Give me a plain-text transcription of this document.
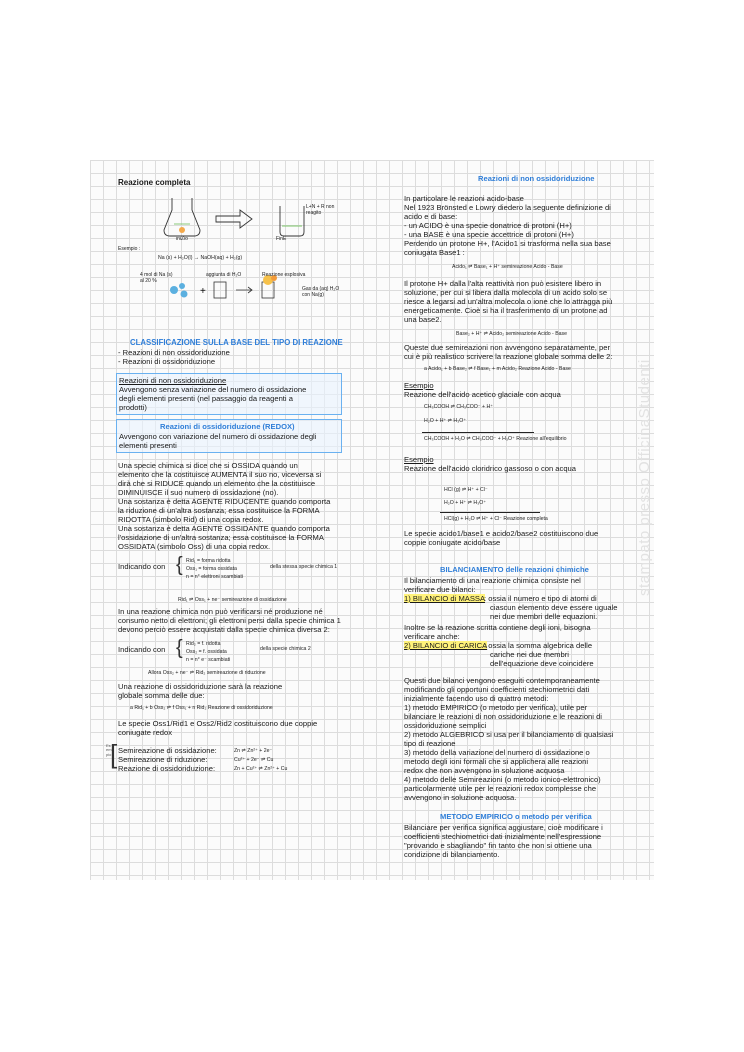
Reazione completa
iniZio	FinE
L+N + R non reagito
Esempio :
Na (s) + H₂O(l) → NaOH(aq) + H₂(g)
+
4 mol di Na (s) al 20 %
aggiunta di H₂O	Reazione esplosiva
Gas da (aq) H₂O con Na(g)
CLASSIFICAZIONE SULLA BASE DEL TIPO DI REAZIONE
- Reazioni di non ossidoriduzione
- Reazioni di ossidoriduzione
Reazioni di non ossidoriduzione
Avvengono senza variazione del numero di ossidazione
degli elementi presenti (nel passaggio da reagenti a
prodotti)
Reazioni di ossidoriduzione (REDOX)
Avvengono con variazione del numero di ossidazione degli
elementi presenti
Una specie chimica si dice che si OSSIDA quando un
elemento che la costituisce AUMENTA il suo no, viceversa si
dirà che si RIDUCE quando un elemento che la costituisce
DIMINUISCE il suo numero di ossidazione (no).
Una sostanza è detta AGENTE RIDUCENTE quando comporta
la riduzione di un'altra sostanza; essa costituisce la FORMA
RIDOTTA (simbolo Rid) di una copia redox.
Una sostanza è detta AGENTE OSSIDANTE quando comporta
l'ossidazione di un'altra sostanza; essa costituisce la FORMA
OSSIDATA (simbolo Oss) di una copia redox.
Indicando con { Rid₁ = forma ridotta
Oss₁ = forma ossidata
n = n° elettroni scambiati
della stessa specie chimica 1
Rid₁ ⇌ Oss₁ + ne⁻ semireazione di ossidazione
In una reazione chimica non può verificarsi né produzione né
consumo netto di elettroni; gli elettroni persi dalla specie chimica 1
devono perciò essere acquistati dalla specie chimica diversa 2:
Indicando con { Rid₂ = f. ridotta
Oss₂ = f. ossidata
n = n° e⁻ scambiati
della specie chimica 2
Allora Oss₂ + ne⁻ ⇌ Rid₂ semireazione di riduzione
Una reazione di ossidoriduzione sarà la reazione
globale somma delle due:
a Rid₁ + b Oss₂ ⇌ f Oss₁ + n Rid₂ Reazione di ossidoriduzione
Le specie Oss1/Rid1 e Oss2/Rid2 costituiscono due coppie
coniugate redox
Esempio
[ Semireazione di ossidazione:	Zn ⇌ Zn²⁺ + 2e⁻
Semireazione di riduzione:	Cu²⁺ + 2e⁻ ⇌ Cu
Reazione di ossidoriduzione:	Zn + Cu²⁺ ⇌ Zn²⁺ + Cu
Reazioni di non ossidoriduzione
In particolare le reazioni acido-base
Nel 1923 Brönsted e Lowry diedero la seguente definizione di
acido e di base:
- un ACIDO è una specie donatrice di protoni (H+)
- una BASE è una specie accettrice di protoni (H+)
Perdendo un protone H+, l'Acido1 si trasforma nella sua base
coniugata Base1 :
Acido₁ ⇌ Base₁ + H⁺ semireazione Acido - Base
Il protone H+ dalla l'alta reattività non può esistere libero in
soluzione, per cui si libera dalla molecola di un acido solo se
riesce a legarsi ad un'altra molecola o ione che lo attragga più
energeticamente. Cioè si ha il trasferimento di un protone ad
una base2.
Base₂ + H⁺ ⇌ Acido₂ semireazione Acido - Base
Queste due semireazioni non avvengono separatamente, per
cui è più realistico scrivere la reazione globale somma delle 2:
a Acido₁ + b Base₂ ⇌ f Base₁ + m Acido₂ Reazione Acido - Base
Esempio
Reazione dell'acido acetico glaciale con acqua
CH₃COOH ⇌ CH₃COO⁻ + H⁺
H₂O + H⁺ ⇌ H₃O⁺
CH₃COOH + H₂O ⇌ CH₃COO⁻ + H₃O⁺ Reazione all'equilibrio
Esempio
Reazione dell'acido cloridrico gassoso o con acqua
HCl (g) ⇌ H⁺ + Cl⁻
H₂O + H⁺ ⇌ H₃O⁺
HCl(g) + H₂O ⇌ H⁺ + Cl⁻ Reazione completa
Le specie acido1/base1 e acido2/base2 costituiscono due
coppie coniugate acido/base
BILANCIAMENTO delle reazioni chimiche
Il bilanciamento di una reazione chimica consiste nel
verificare due bilanci:
1) BILANCIO di MASSA
: ossia il numero e tipo di atomi di
ciascun elemento deve essere uguale
nei due membri delle equazioni.
Inoltre se la reazione scritta contiene degli ioni, bisogna
verificare anche:
2) BILANCIO di CARICA
: ossia la somma algebrica delle
cariche nei due membri
dell'equazione deve coincidere
Questi due bilanci vengono eseguiti contemporaneamente
modificando gli opportuni coefficienti stechiometrici dati
inizialmente facendo uso di quattro metodi:
1) metodo EMPIRICO (o metodo per verifica), utile per
bilanciare le reazioni di non ossidoriduzione e le reazioni di
ossidoriduzione semplici
2) metodo ALGEBRICO si usa per il bilanciamento di qualsiasi
tipo di reazione
3) metodo della variazione del numero di ossidazione o
metodo degli ioni formali che si applichera alle reazioni
redox che non avvengono in soluzione acquosa
4) metodo delle Semireazioni (o metodo ionico-elettronico)
particolarmente utile per le reazioni redox complesse che
avvengono in soluzione acquosa.
METODO EMPIRICO o metodo per verifica
Bilanciare per verifica significa aggiustare, cioè modificare i
coefficienti stechiometrici dati inizialmente nell'espressione
"provando e sbagliando" fin tanto che non si ottiene una
condizione di bilanciamento.
stampato presso OfficinaStudenti
